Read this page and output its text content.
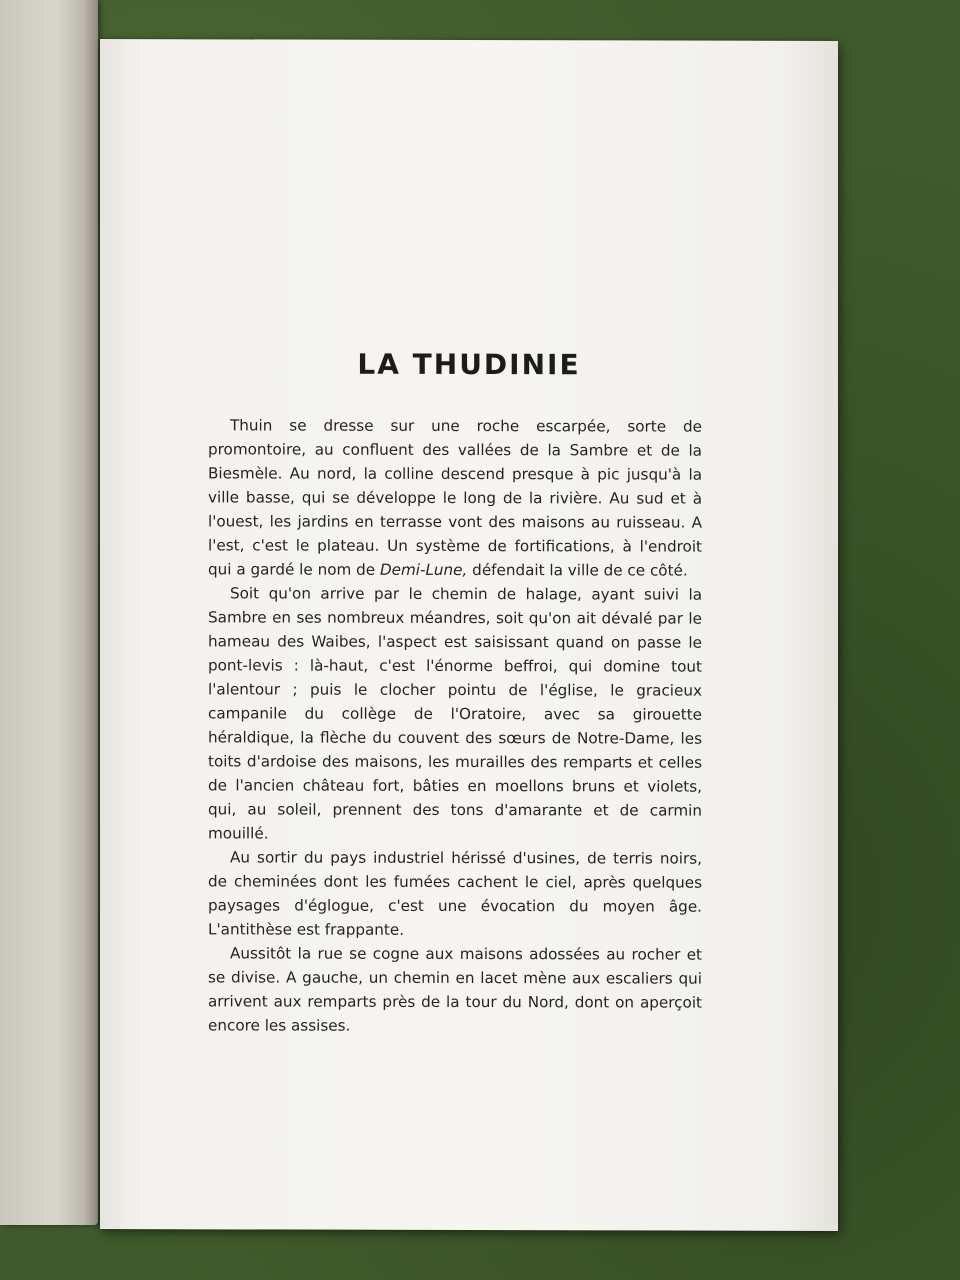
LA THUDINIE

Thuin se dresse sur une roche escarpée, sorte de promontoire, au confluent des vallées de la Sambre et de la Biesmèle. Au nord, la colline descend presque à pic jusqu'à la ville basse, qui se développe le long de la rivière. Au sud et à l'ouest, les jardins en terrasse vont des maisons au ruisseau. A l'est, c'est le plateau. Un système de fortifications, à l'endroit qui a gardé le nom de Demi-Lune, défendait la ville de ce côté.

Soit qu'on arrive par le chemin de halage, ayant suivi la Sambre en ses nombreux méandres, soit qu'on ait dévalé par le hameau des Waibes, l'aspect est saisissant quand on passe le pont-levis : là-haut, c'est l'énorme beffroi, qui domine tout l'alentour ; puis le clocher pointu de l'église, le gracieux campanile du collège de l'Oratoire, avec sa girouette héraldique, la flèche du couvent des sœurs de Notre-Dame, les toits d'ardoise des maisons, les murailles des remparts et celles de l'ancien château fort, bâties en moellons bruns et violets, qui, au soleil, prennent des tons d'amarante et de carmin mouillé.

Au sortir du pays industriel hérissé d'usines, de terris noirs, de cheminées dont les fumées cachent le ciel, après quelques paysages d'églogue, c'est une évocation du moyen âge. L'antithèse est frappante.

Aussitôt la rue se cogne aux maisons adossées au rocher et se divise. A gauche, un chemin en lacet mène aux escaliers qui arrivent aux remparts près de la tour du Nord, dont on aperçoit encore les assises.
